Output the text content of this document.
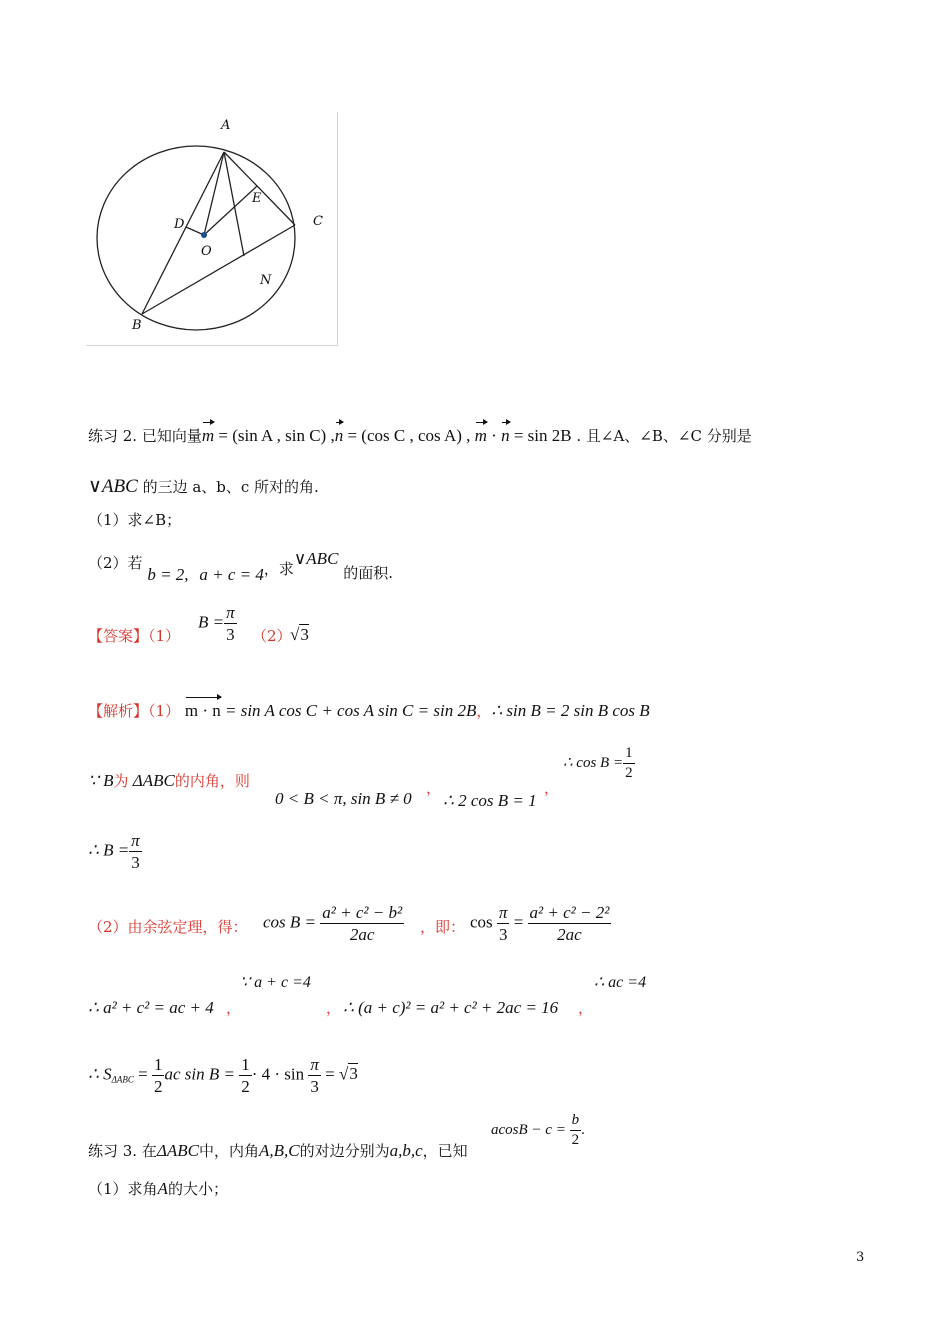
A
E
C
D
O
N
B
练习 2. 已知向量m = (sin A , sin C) ,n = (cos C , cos A) , m · n = sin 2B . 且∠A、∠B、∠C 分别是
∨ABC 的三边 a、b、c 所对的角.
（1）求∠B；
（2）若 b = 2, a + c = 4，求∨ABC 的面积.
【答案】（1）
$B = \frac{\pi}{3} (2)$
√3
【解析】（1） m · n = sin A cos C + cos A sin C = sin 2B，∴ sin B = 2 sin B cos B
∵ B为 ΔABC的内角，则
0 < B < π, sin B ≠ 0
，
∴ 2 cos B = 1
，
∴ $\cos B = \frac{1}{2}$
∴ $B = \frac{\pi}{3}$
（2）由余弦定理，得： $\cos B = \frac{\text{a² + c² − b²}}{2ac}$ ，即： $\cos \frac{\pi}{3} = \frac{\text{a² + c² − 2²}}{2ac}$
∵ a + c =4
∴ a² + c² = ac + 4 ，	， ∴ (a + c)² = a² + c² + 2ac = 16 ，
∴ ac =4
∴ $S_{\Delta ABC} = \frac{1}{2}$ ac $\sin B = \frac{1}{2} \cdot 4 \cdot \sin \frac{\pi}{3} = √3$
练习 3. 在ΔABC中，内角A,B,C的对边分别为a,b,c，已知
$acosB - c = \frac{b}{2}$ .
（1）求角A的大小；
3
